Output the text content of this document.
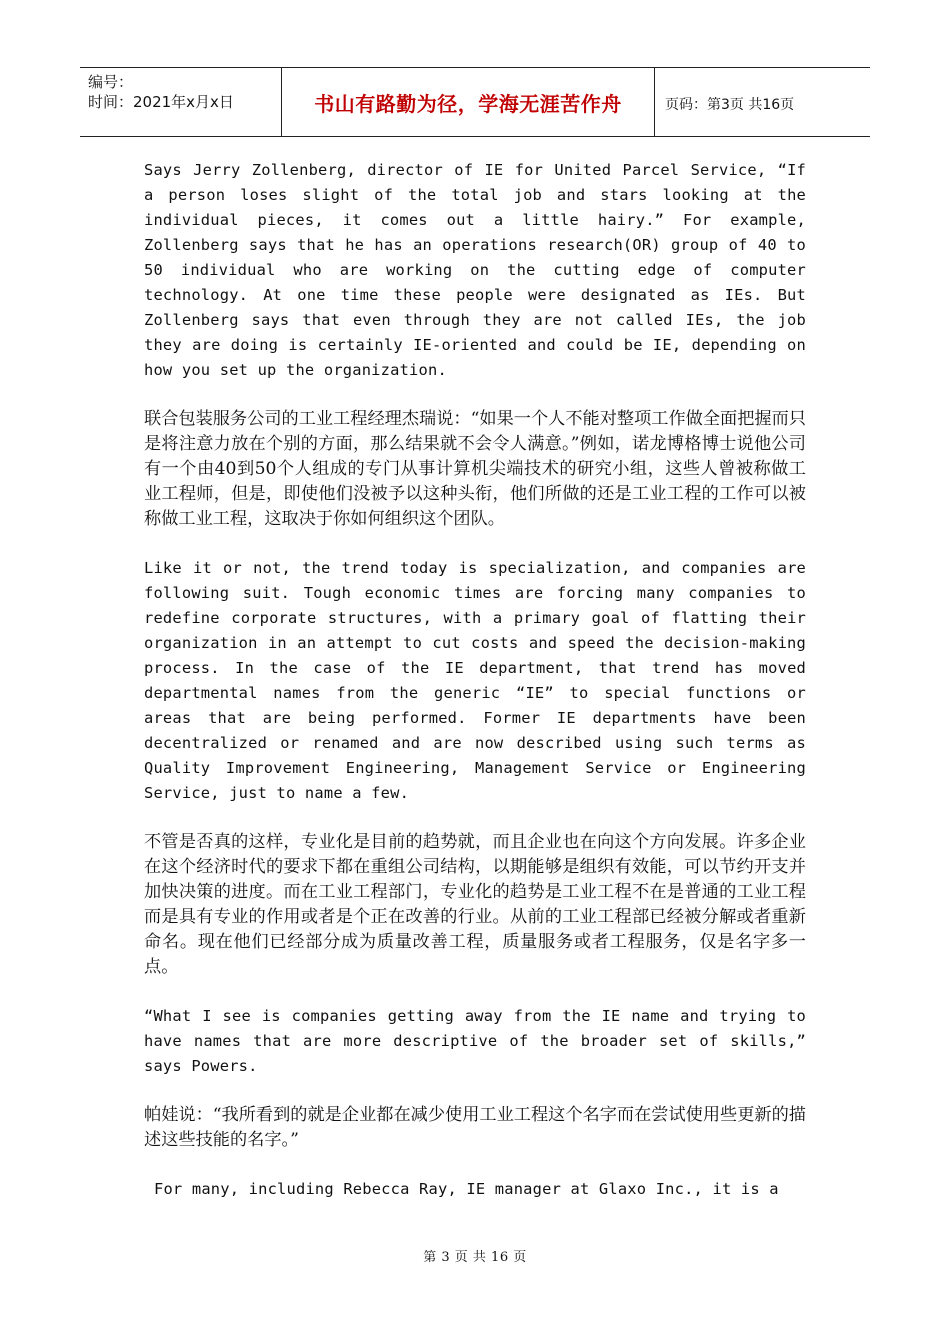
编号：
时间：2021年x月x日	书山有路勤为径，学海无涯苦作舟	页码：第3页 共16页

Says Jerry Zollenberg, director of IE for United Parcel Service, “If a person loses slight of the total job and stars looking at the individual pieces, it comes out a little hairy.” For example, Zollenberg says that he has an operations research(OR) group of 40 to 50 individual who are working on the cutting edge of computer technology. At one time these people were designated as IEs. But Zollenberg says that even through they are not called IEs, the job they are doing is certainly IE-oriented and could be IE, depending on how you set up the organization.

联合包装服务公司的工业工程经理杰瑞说：“如果一个人不能对整项工作做全面把握而只是将注意力放在个别的方面，那么结果就不会令人满意。”例如，诺龙博格博士说他公司有一个由40到50个人组成的专门从事计算机尖端技术的研究小组，这些人曾被称做工业工程师，但是，即使他们没被予以这种头衔，他们所做的还是工业工程的工作可以被称做工业工程，这取决于你如何组织这个团队。

Like it or not, the trend today is specialization, and companies are following suit. Tough economic times are forcing many companies to redefine corporate structures, with a primary goal of flatting their organization in an attempt to cut costs and speed the decision-making process. In the case of the IE department, that trend has moved departmental names from the generic “IE” to special functions or areas that are being performed. Former IE departments have been decentralized or renamed and are now described using such terms as Quality Improvement Engineering, Management Service or Engineering Service, just to name a few.

不管是否真的这样，专业化是目前的趋势就，而且企业也在向这个方向发展。许多企业在这个经济时代的要求下都在重组公司结构，以期能够是组织有效能，可以节约开支并加快决策的进度。而在工业工程部门，专业化的趋势是工业工程不在是普通的工业工程而是具有专业的作用或者是个正在改善的行业。从前的工业工程部已经被分解或者重新命名。现在他们已经部分成为质量改善工程，质量服务或者工程服务，仅是名字多一点。

“What I see is companies getting away from the IE name and trying to have names that are more descriptive of the broader set of skills,” says Powers.

帕娃说：“我所看到的就是企业都在减少使用工业工程这个名字而在尝试使用些更新的描述这些技能的名字。”

For many, including Rebecca Ray, IE manager at Glaxo Inc., it is a

第 3 页 共 16 页
